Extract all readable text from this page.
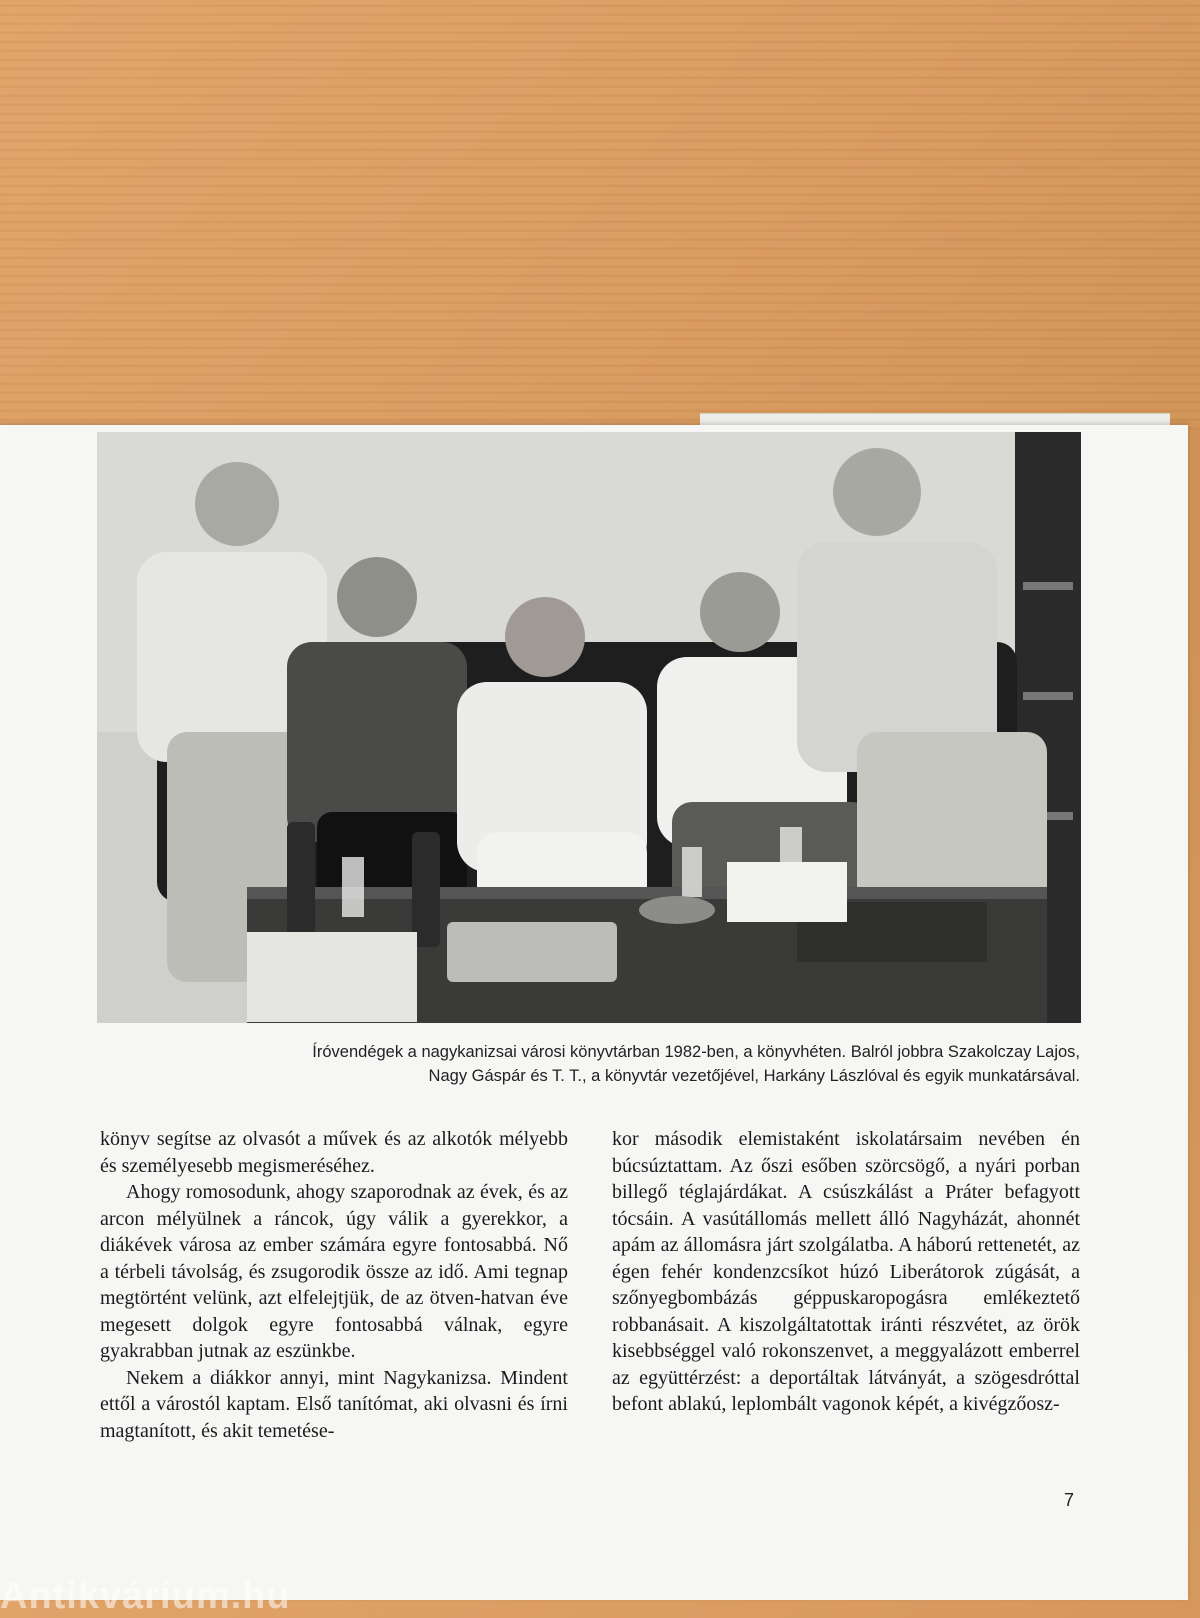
Íróvendégek a nagykanizsai városi könyvtárban 1982-ben, a könyvhéten. Balról jobbra Szakolczay Lajos,
Nagy Gáspár és T. T., a könyvtár vezetőjével, Harkány Lászlóval és egyik munkatársával.

könyv segítse az olvasót a művek és az alkotók mélyebb és személyesebb megismeréséhez.

Ahogy romosodunk, ahogy szaporodnak az évek, és az arcon mélyülnek a ráncok, úgy válik a gyerekkor, a diákévek városa az ember számára egyre fontosabbá. Nő a térbeli távolság, és zsugorodik össze az idő. Ami tegnap megtörtént velünk, azt elfelejtjük, de az ötven-hatvan éve megesett dolgok egyre fontosabbá válnak, egyre gyakrabban jutnak az eszünkbe.

Nekem a diákkor annyi, mint Nagykanizsa. Mindent ettől a várostól kaptam. Első tanítómat, aki olvasni és írni magtanított, és akit temetése-

kor második elemistaként iskolatársaim nevében én búcsúztattam. Az őszi esőben szörcsögő, a nyári porban billegő téglajárdákat. A csúszkálást a Práter befagyott tócsáin. A vasútállomás mellett álló Nagyházát, ahonnét apám az állomásra járt szolgálatba. A háború rettenetét, az égen fehér kondenzcsíkot húzó Liberátorok zúgását, a szőnyegbombázás géppuskaropogásra emlékeztető robbanásait. A kiszolgáltatottak iránti részvétet, az örök kisebbséggel való rokonszenvet, a meggyalázott emberrel az együttérzést: a deportáltak látványát, a szögesdróttal befont ablakú, leplombált vagonok képét, a kivégzőosz-

7
Antikvárium.hu
